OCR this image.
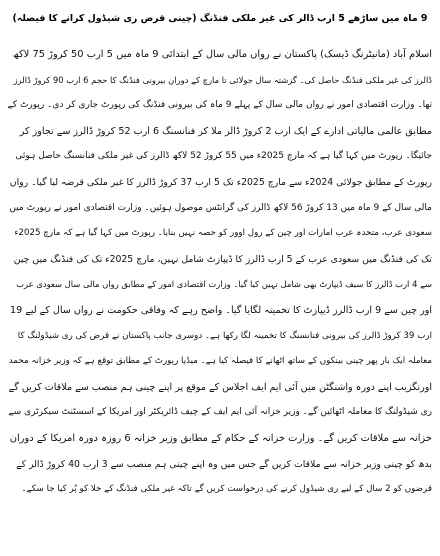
9 ماہ میں ساڑھے 5 ارب ڈالر کی غیر ملکی فنڈنگ (چینی قرض ری شیڈول کرانے کا فیصلہ)
اسلام آباد (مانیٹرنگ ڈیسک) پاکستان نے رواں مالی سال کے ابتدائی 9 ماہ میں 5 ارب 50 کروڑ 75 لاکھ
ڈالرز کی غیر ملکی فنڈنگ حاصل کی۔ گزشتہ سال جولائی تا مارچ کے دوران بیرونی فنڈنگ کا حجم 6 ارب 90 کروڑ ڈالرز
تھا۔ وزارت اقتصادی امور نے رواں مالی سال کے پہلے 9 ماہ کی بیرونی فنڈنگ کی رپورٹ جاری کر دی۔ رپورٹ کے
مطابق عالمی مالیاتی ادارے کے ایک ارب 2 کروڑ ڈالر ملا کر فنانسنگ 6 ارب 52 کروڑ ڈالرز سے تجاوز کر
جائیگا۔ رپورٹ میں کہا گیا ہے کہ مارچ 2025ء میں 55 کروڑ 52 لاکھ ڈالرز کی غیر ملکی فنانسنگ حاصل ہوئی
رپورٹ کے مطابق جولائی 2024ء سے مارچ 2025ء تک 5 ارب 37 کروڑ ڈالرز کا غیر ملکی قرضہ لیا گیا۔ رواں
مالی سال کے 9 ماہ میں 13 کروڑ 56 لاکھ ڈالرز کی گرانٹس موصول ہوئیں۔ وزارت اقتصادی امور نے رپورٹ میں
سعودی عرب، متحدہ عرب امارات اور چین کے رول اوور کو حصہ نہیں بنایا۔ رپورٹ میں کہا گیا ہے کہ مارچ 2025ء
تک کی فنڈنگ میں سعودی عرب کے 5 ارب ڈالرز کا ڈیپازٹ شامل نہیں، مارچ 2025ء تک کی فنڈنگ میں چین
سے 4 ارب ڈالرز کا سیف ڈیپازٹ بھی شامل نہیں کیا گیا۔ وزارت اقتصادی امور کے مطابق رواں مالی سال سعودی عرب
اور چین سے 9 ارب ڈالرز ڈیپازٹ کا تخمینہ لگایا گیا۔ واضح رہے کہ وفاقی حکومت نے رواں سال کے لیے 19
ارب 39 کروڑ ڈالرز کی بیرونی فنانسنگ کا تخمینہ لگا رکھا ہے۔ دوسری جانب پاکستان نے قرض کی ری شیڈولنگ کا
معاملہ ایک بار پھر چینی بینکوں کے ساتھ اٹھانے کا فیصلہ کیا ہے۔ میڈیا رپورٹ کے مطابق توقع ہے کہ وزیر خزانہ محمد
اورنگزیب اپنے دورہ واشنگٹن میں آئی ایم ایف اجلاس کے موقع پر اپنے چینی ہم منصب سے ملاقات کریں گے
ری شیڈولنگ کا معاملہ اٹھائیں گے۔ وزیر خزانہ آئی ایم ایف کے چیف ڈائریکٹر اور امریکا کے اسسٹنٹ سیکرٹری سے
خزانہ سے ملاقات کریں گے۔ وزارت خزانہ کے حکام کے مطابق وزیر خزانہ 6 روزہ دورہ امریکا کے دوران
بدھ کو چینی وزیر خزانہ سے ملاقات کریں گے جس میں وہ اپنے چینی ہم منصب سے 3 ارب 40 کروڑ ڈالر کے
قرضوں کو 2 سال کے لیے ری شیڈول کرنے کی درخواست کریں گے تاکہ غیر ملکی فنڈنگ کے خلا کو پُر کیا جا سکے۔
